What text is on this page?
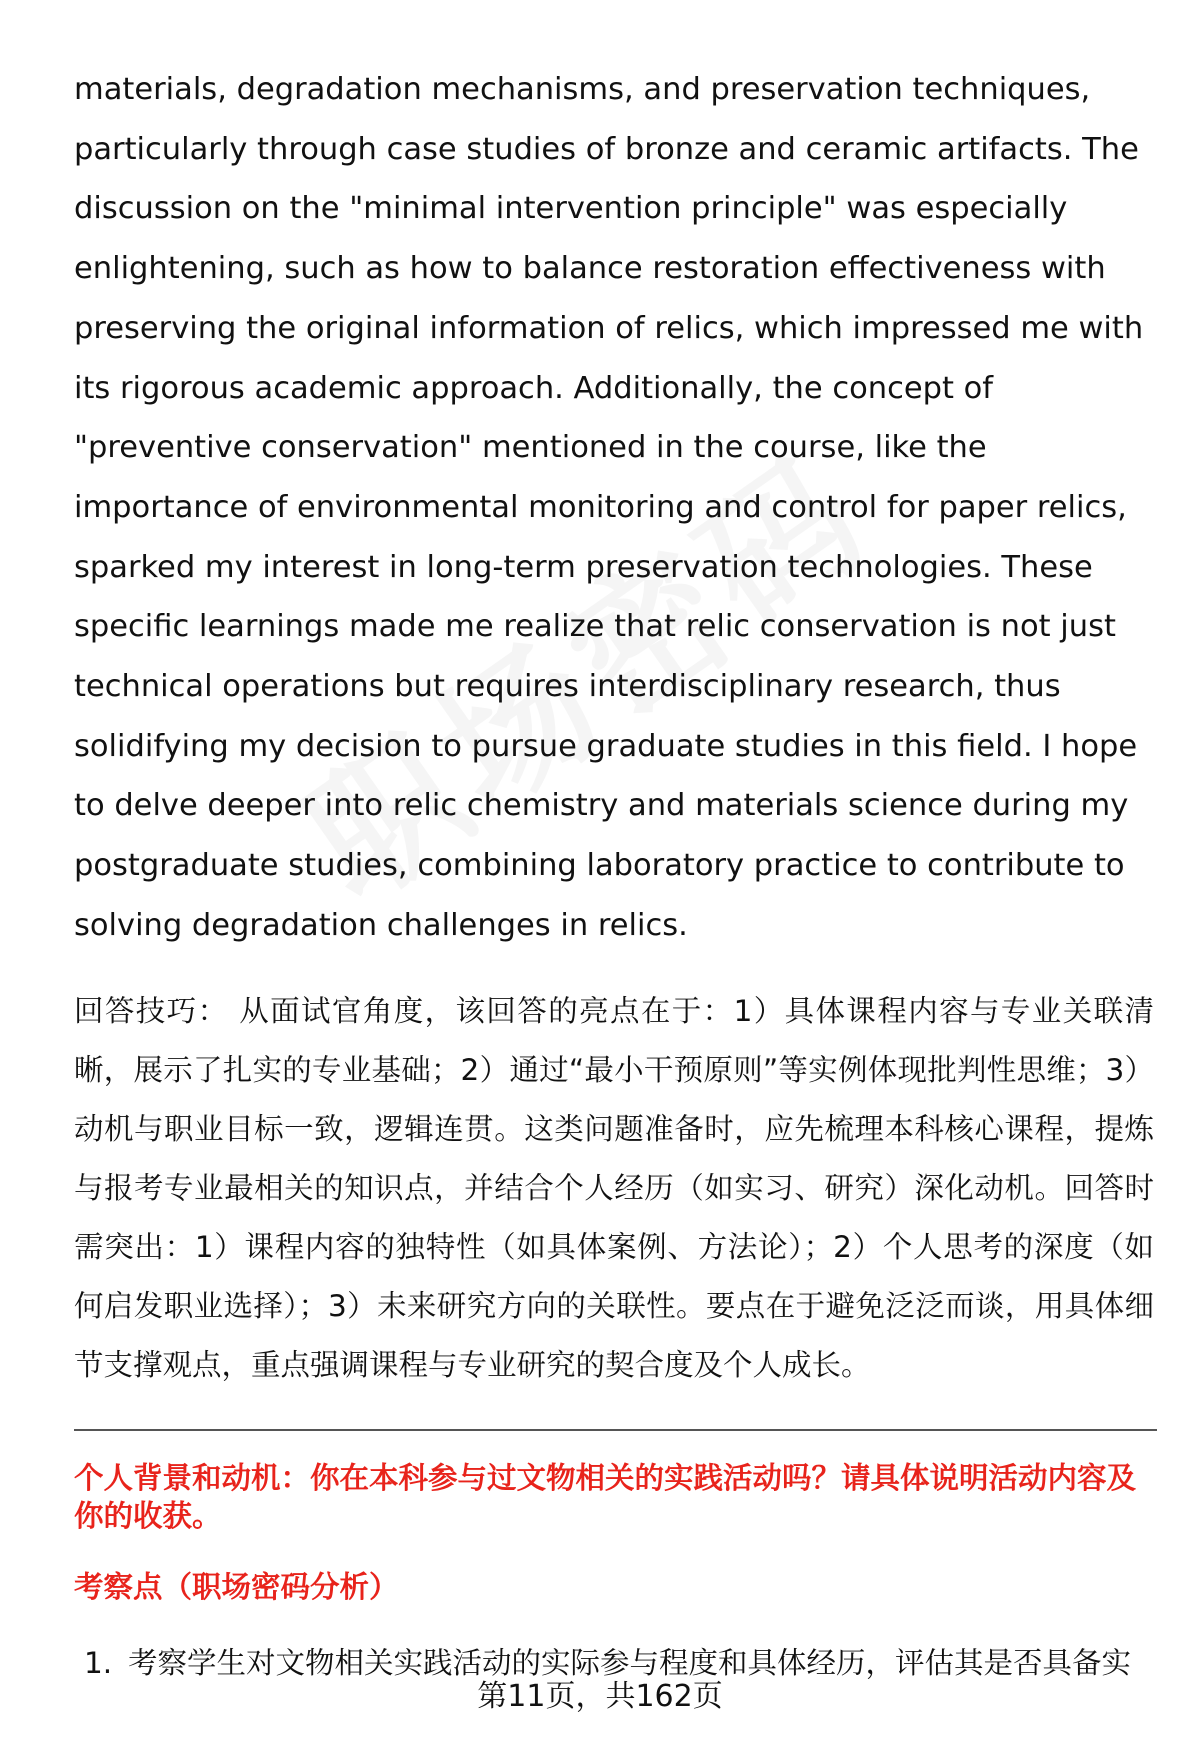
materials, degradation mechanisms, and preservation techniques, particularly through case studies of bronze and ceramic artifacts. The discussion on the "minimal intervention principle" was especially enlightening, such as how to balance restoration effectiveness with preserving the original information of relics, which impressed me with its rigorous academic approach. Additionally, the concept of "preventive conservation" mentioned in the course, like the importance of environmental monitoring and control for paper relics, sparked my interest in long-term preservation technologies. These specific learnings made me realize that relic conservation is not just technical operations but requires interdisciplinary research, thus solidifying my decision to pursue graduate studies in this field. I hope to delve deeper into relic chemistry and materials science during my postgraduate studies, combining laboratory practice to contribute to solving degradation challenges in relics.

回答技巧： 从面试官角度，该回答的亮点在于：1）具体课程内容与专业关联清晰，展示了扎实的专业基础；2）通过“最小干预原则”等实例体现批判性思维；3）动机与职业目标一致，逻辑连贯。这类问题准备时，应先梳理本科核心课程，提炼与报考专业最相关的知识点，并结合个人经历（如实习、研究）深化动机。回答时需突出：1）课程内容的独特性（如具体案例、方法论）；2）个人思考的深度（如何启发职业选择）；3）未来研究方向的关联性。要点在于避免泛泛而谈，用具体细节支撑观点，重点强调课程与专业研究的契合度及个人成长。

个人背景和动机：你在本科参与过文物相关的实践活动吗？请具体说明活动内容及你的收获。

考察点（职场密码分析）

1. 考察学生对文物相关实践活动的实际参与程度和具体经历，评估其是否具备实
第11页，共162页
